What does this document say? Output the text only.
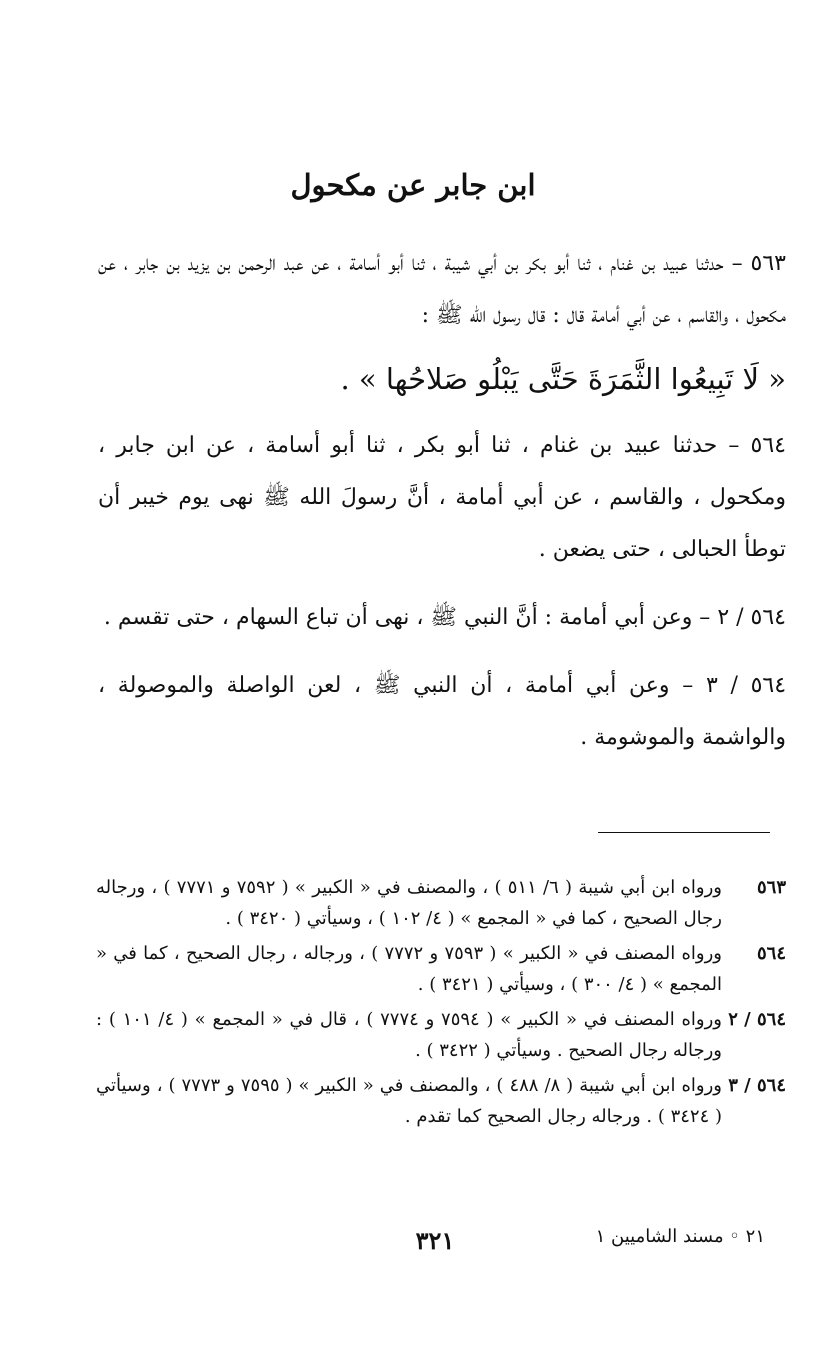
ابن جابر عن مكحول

٥٦٣ – حدثنا عبيد بن غنام ، ثنا أبو بكر بن أبي شيبة ، ثنا أبو أسامة ، عن عبد الرحمن بن يزيد بن جابر ، عن مكحول ، والقاسم ، عن أبي أمامة قال : قال رسول الله ﷺ :

« لَا تَبِيعُوا الثَّمَرَةَ حَتَّى يَبْلُو صَلاحُها » .

٥٦٤ – حدثنا عبيد بن غنام ، ثنا أبو بكر ، ثنا أبو أسامة ، عن ابن جابر ، ومكحول ، والقاسم ، عن أبي أمامة ، أنَّ رسولَ الله ﷺ نهى يوم خيبر أن توطأ الحبالى ، حتى يضعن .

٥٦٤ / ٢ – وعن أبي أمامة : أنَّ النبي ﷺ ، نهى أن تباع السهام ، حتى تقسم .

٥٦٤ / ٣ – وعن أبي أمامة ، أن النبي ﷺ ، لعن الواصلة والموصولة ، والواشمة والموشومة .

٥٦٣
ورواه ابن أبي شيبة ( ٦/ ٥١١ ) ، والمصنف في « الكبير » ( ٧٥٩٢ و ٧٧٧١ ) ، ورجاله رجال الصحيح ، كما في « المجمع » ( ٤/ ١٠٢ ) ، وسيأتي ( ٣٤٢٠ ) .
٥٦٤
ورواه المصنف في « الكبير » ( ٧٥٩٣ و ٧٧٧٢ ) ، ورجاله ، رجال الصحيح ، كما في « المجمع » ( ٤/ ٣٠٠ ) ، وسيأتي ( ٣٤٢١ ) .
٥٦٤ / ٢
ورواه المصنف في « الكبير » ( ٧٥٩٤ و ٧٧٧٤ ) ، قال في « المجمع » ( ٤/ ١٠١ ) : ورجاله رجال الصحيح . وسيأتي ( ٣٤٢٢ ) .
٥٦٤ / ٣
ورواه ابن أبي شيبة ( ٨/ ٤٨٨ ) ، والمصنف في « الكبير » ( ٧٥٩٥ و ٧٧٧٣ ) ، وسيأتي ( ٣٤٢٤ ) . ورجاله رجال الصحيح كما تقدم .
٣٢١	٢١ ◦ مسند الشاميين ١
